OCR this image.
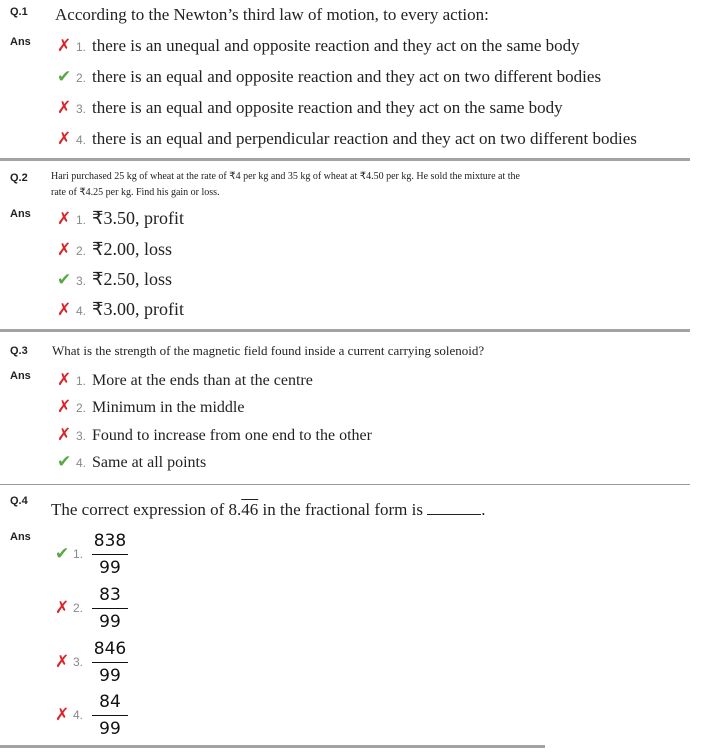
Q.1 According to the Newton’s third law of motion, to every action:
Ans ✗ 1. there is an unequal and opposite reaction and they act on the same body
✔ 2. there is an equal and opposite reaction and they act on two different bodies
✗ 3. there is an equal and opposite reaction and they act on the same body
✗ 4. there is an equal and perpendicular reaction and they act on two different bodies
Q.2 Hari purchased 25 kg of wheat at the rate of ₹4 per kg and 35 kg of wheat at ₹4.50 per kg. He sold the mixture at the
rate of ₹4.25 per kg. Find his gain or loss.
Ans ✗ 1. ₹3.50, profit
✗ 2. ₹2.00, loss
✔ 3. ₹2.50, loss
✗ 4. ₹3.00, profit
Q.3 What is the strength of the magnetic field found inside a current carrying solenoid?
Ans ✗ 1. More at the ends than at the centre
✗ 2. Minimum in the middle
✗ 3. Found to increase from one end to the other
✔ 4. Same at all points
Q.4 The correct expression of 8.46 in the fractional form is	.
Ans
✔ 1.
838
99
✗ 2.
83
99
✗ 3.
846
99
✗ 4.
84
99
